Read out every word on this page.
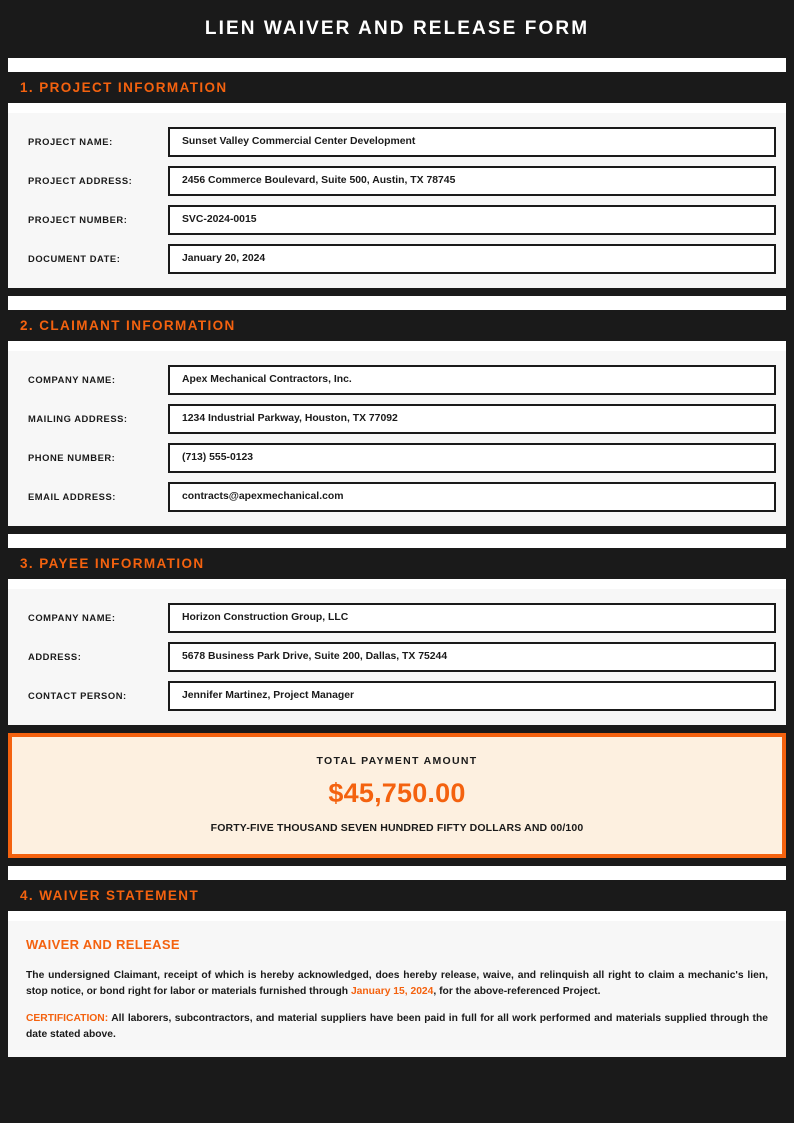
LIEN WAIVER AND RELEASE FORM
1. PROJECT INFORMATION
PROJECT NAME:	Sunset Valley Commercial Center Development
PROJECT ADDRESS:	2456 Commerce Boulevard, Suite 500, Austin, TX 78745
PROJECT NUMBER:	SVC-2024-0015
DOCUMENT DATE:	January 20, 2024
2. CLAIMANT INFORMATION
COMPANY NAME:	Apex Mechanical Contractors, Inc.
MAILING ADDRESS:	1234 Industrial Parkway, Houston, TX 77092
PHONE NUMBER:	(713) 555-0123
EMAIL ADDRESS:	contracts@apexmechanical.com
3. PAYEE INFORMATION
COMPANY NAME:	Horizon Construction Group, LLC
ADDRESS:	5678 Business Park Drive, Suite 200, Dallas, TX 75244
CONTACT PERSON:	Jennifer Martinez, Project Manager

TOTAL PAYMENT AMOUNT

$45,750.00

FORTY-FIVE THOUSAND SEVEN HUNDRED FIFTY DOLLARS AND 00/100

4. WAIVER STATEMENT
WAIVER AND RELEASE

The undersigned Claimant, receipt of which is hereby acknowledged, does hereby release, waive, and relinquish all right to claim a mechanic's lien, stop notice, or bond right for labor or materials furnished through January 15, 2024, for the above-referenced Project.

CERTIFICATION: All laborers, subcontractors, and material suppliers have been paid in full for all work performed and materials supplied through the date stated above.
